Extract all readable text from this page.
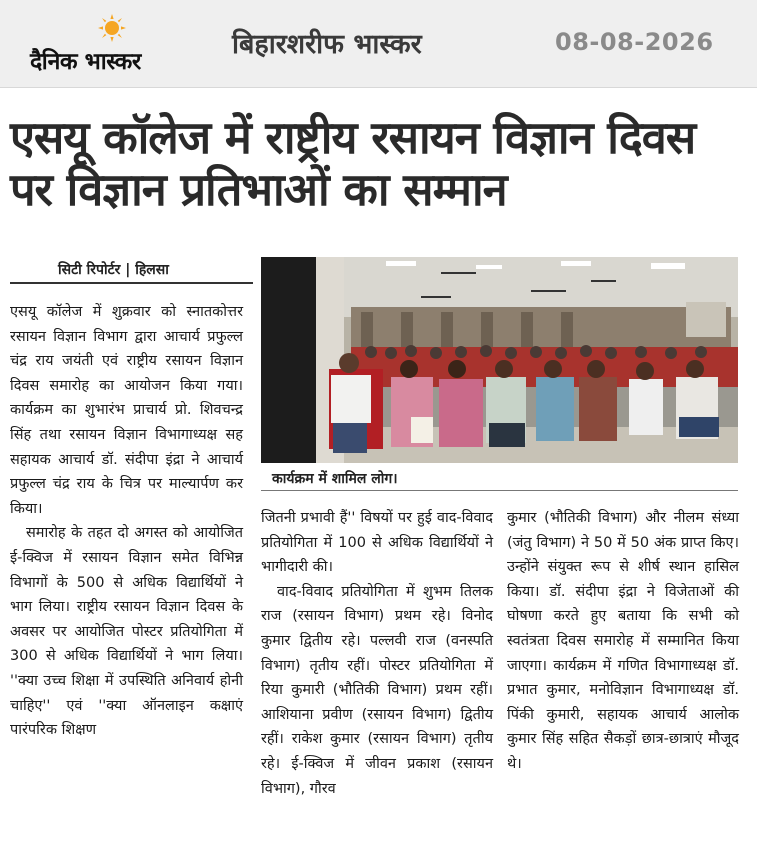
दैनिक भास्कर
बिहारशरीफ भास्कर	08-08-2026
एसयू कॉलेज में राष्ट्रीय रसायन विज्ञान दिवस पर विज्ञान प्रतिभाओं का सम्मान
सिटी रिपोर्टर | हिलसा
कार्यक्रम में शामिल लोग।

एसयू कॉलेज में शुक्रवार को स्नातकोत्तर रसायन विज्ञान विभाग द्वारा आचार्य प्रफुल्ल चंद्र राय जयंती एवं राष्ट्रीय रसायन विज्ञान दिवस समारोह का आयोजन किया गया। कार्यक्रम का शुभारंभ प्राचार्य प्रो. शिवचन्द्र सिंह तथा रसायन विज्ञान विभागाध्यक्ष सह सहायक आचार्य डॉ. संदीपा इंद्रा ने आचार्य प्रफुल्ल चंद्र राय के चित्र पर माल्यार्पण कर किया।

समारोह के तहत दो अगस्त को आयोजित ई-क्विज में रसायन विज्ञान समेत विभिन्न विभागों के 500 से अधिक विद्यार्थियों ने भाग लिया। राष्ट्रीय रसायन विज्ञान दिवस के अवसर पर आयोजित पोस्टर प्रतियोगिता में 300 से अधिक विद्यार्थियों ने भाग लिया। ''क्या उच्च शिक्षा में उपस्थिति अनिवार्य होनी चाहिए'' एवं ''क्या ऑनलाइन कक्षाएं पारंपरिक शिक्षण

जितनी प्रभावी हैं'' विषयों पर हुई वाद-विवाद प्रतियोगिता में 100 से अधिक विद्यार्थियों ने भागीदारी की।

वाद-विवाद प्रतियोगिता में शुभम तिलक राज (रसायन विभाग) प्रथम रहे। विनोद कुमार द्वितीय रहे। पल्लवी राज (वनस्पति विभाग) तृतीय रहीं। पोस्टर प्रतियोगिता में रिया कुमारी (भौतिकी विभाग) प्रथम रहीं। आशियाना प्रवीण (रसायन विभाग) द्वितीय रहीं। राकेश कुमार (रसायन विभाग) तृतीय रहे। ई-क्विज में जीवन प्रकाश (रसायन विभाग), गौरव

कुमार (भौतिकी विभाग) और नीलम संध्या (जंतु विभाग) ने 50 में 50 अंक प्राप्त किए। उन्होंने संयुक्त रूप से शीर्ष स्थान हासिल किया। डॉ. संदीपा इंद्रा ने विजेताओं की घोषणा करते हुए बताया कि सभी को स्वतंत्रता दिवस समारोह में सम्मानित किया जाएगा। कार्यक्रम में गणित विभागाध्यक्ष डॉ. प्रभात कुमार, मनोविज्ञान विभागाध्यक्ष डॉ. पिंकी कुमारी, सहायक आचार्य आलोक कुमार सिंह सहित सैकड़ों छात्र-छात्राएं मौजूद थे।
